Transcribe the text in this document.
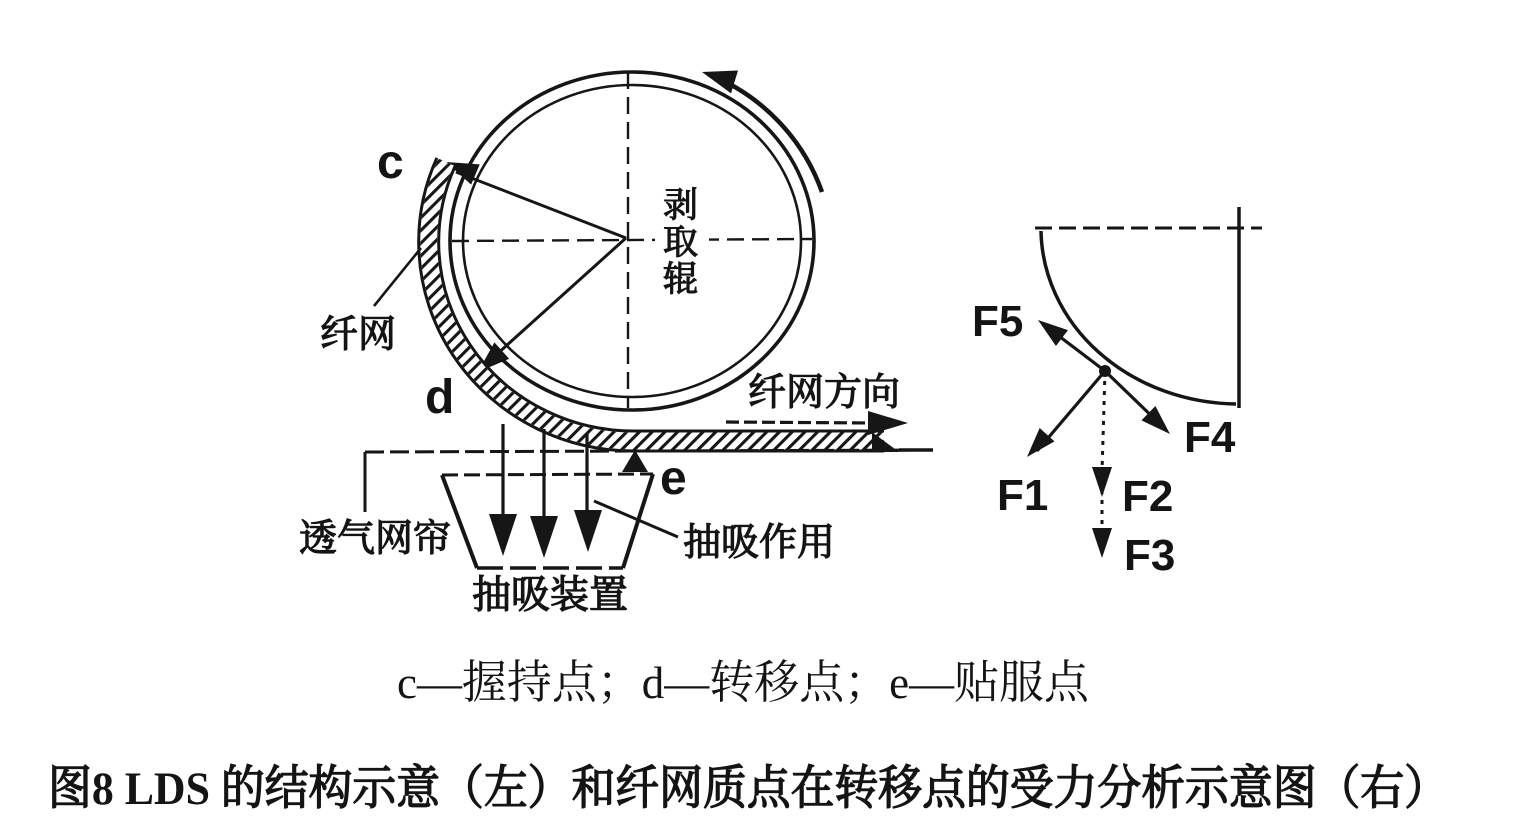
剥
取
辊
c
d
e
纤网
纤网方向
透气网帘	抽吸作用
抽吸装置
F5
F1 F2
F3
F4
c—握持点；d—转移点；e—贴服点
图8 LDS 的结构示意（左）和纤网质点在转移点的受力分析示意图（右）
